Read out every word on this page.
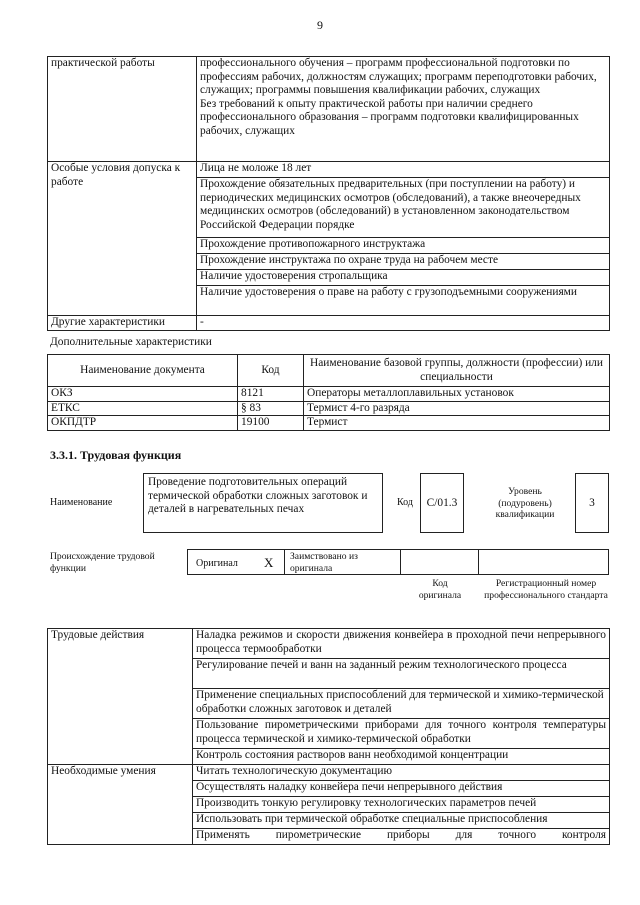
9
практической работы	профессионального обучения – программ профессиональной подготовки по профессиям рабочих, должностям служащих; программ переподготовки рабочих, служащих; программы повышения квалификации рабочих, служащих
Без требований к опыту практической работы при наличии среднего профессионального образования – программ подготовки квалифицированных рабочих, служащих
Особые условия допуска к работе	Лица не моложе 18 лет
	Прохождение обязательных предварительных (при поступлении на работу) и периодических медицинских осмотров (обследований), а также внеочередных медицинских осмотров (обследований) в установленном законодательством Российской Федерации порядке
	Прохождение противопожарного инструктажа
	Прохождение инструктажа по охране труда на рабочем месте
	Наличие удостоверения стропальщика
	Наличие удостоверения о праве на работу с грузоподъемными сооружениями
Другие характеристики	-
Дополнительные характеристики
Наименование документа	Код	Наименование базовой группы, должности (профессии) или специальности
ОКЗ	8121	Операторы металлоплавильных установок
ЕТКС	§ 83	Термист 4-го разряда
ОКПДТР	19100	Термист
3.3.1. Трудовая функция
Наименование
Проведение подготовительных операций термической обработки сложных заготовок и деталей в нагревательных печах
Код	C/01.3
Уровень (подуровень) квалификации
3
Происхождение трудовой функции	Оригинал X Заимствовано из оригинала
Код оригинала
Регистрационный номер профессионального стандарта
Трудовые действия	Наладка режимов и скорости движения конвейера в проходной печи непрерывного процесса термообработки
	Регулирование печей и ванн на заданный режим технологического процесса
	Применение специальных приспособлений для термической и химико-термической обработки сложных заготовок и деталей
	Пользование пирометрическими приборами для точного контроля температуры процесса термической и химико-термической обработки
	Контроль состояния растворов ванн необходимой концентрации
Необходимые умения	Читать технологическую документацию
	Осуществлять наладку конвейера печи непрерывного действия
	Производить тонкую регулировку технологических параметров печей
	Использовать при термической обработке специальные приспособления
	Применять пирометрические приборы для точного контроля
